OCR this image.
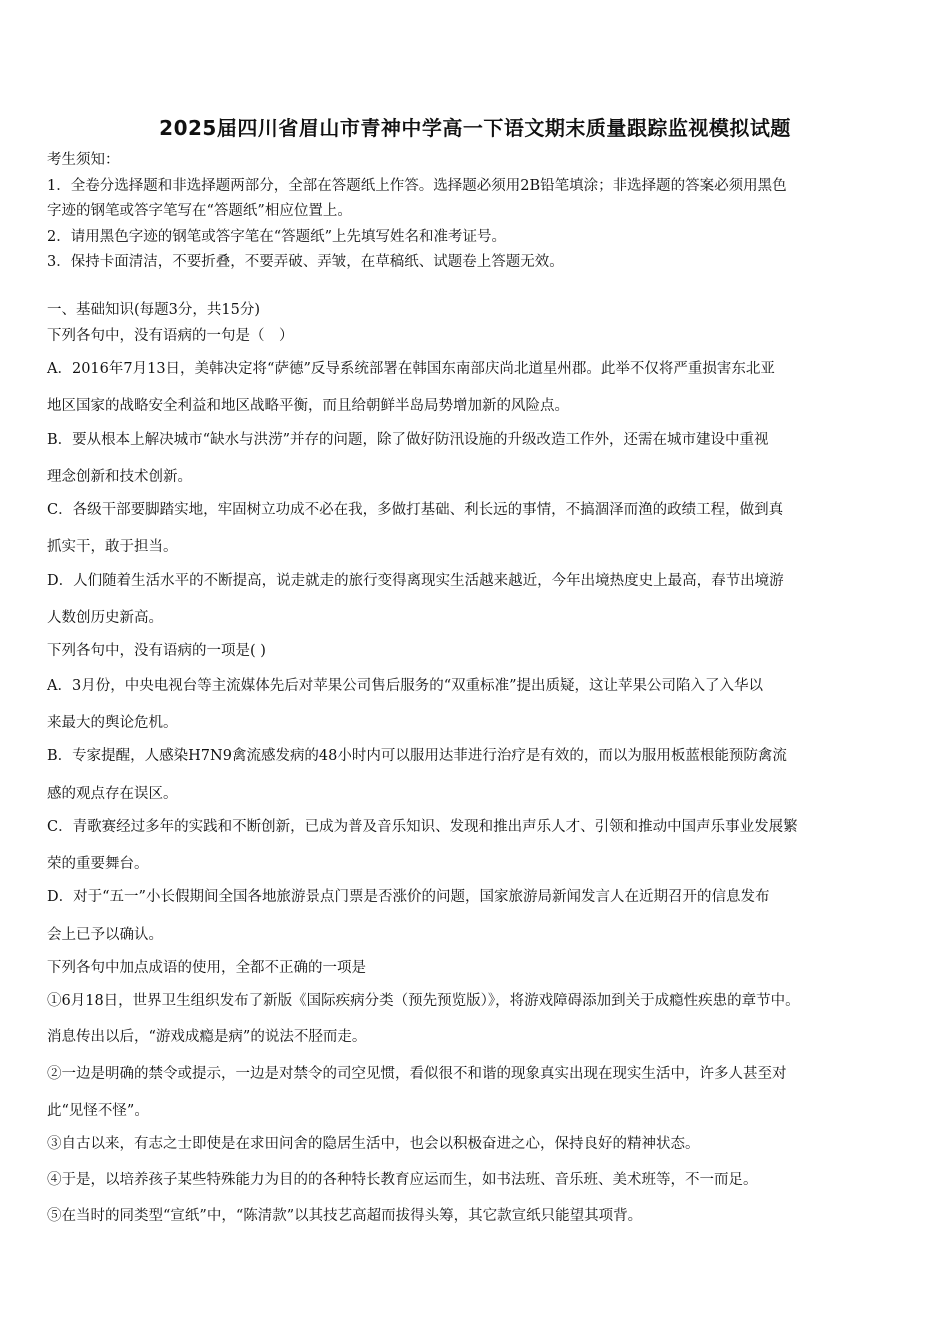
2025届四川省眉山市青神中学高一下语文期末质量跟踪监视模拟试题
考生须知：
1．全卷分选择题和非选择题两部分，全部在答题纸上作答。选择题必须用2B铅笔填涂；非选择题的答案必须用黑色
字迹的钢笔或答字笔写在“答题纸”相应位置上。
2．请用黑色字迹的钢笔或答字笔在“答题纸”上先填写姓名和准考证号。
3．保持卡面清洁，不要折叠，不要弄破、弄皱，在草稿纸、试题卷上答题无效。
一、基础知识(每题3分，共15分)
下列各句中，没有语病的一句是（　）
A．2016年7月13日，美韩决定将“萨德”反导系统部署在韩国东南部庆尚北道星州郡。此举不仅将严重损害东北亚
地区国家的战略安全利益和地区战略平衡，而且给朝鲜半岛局势增加新的风险点。
B．要从根本上解决城市“缺水与洪涝”并存的问题，除了做好防汛设施的升级改造工作外，还需在城市建设中重视
理念创新和技术创新。
C．各级干部要脚踏实地，牢固树立功成不必在我，多做打基础、利长远的事情，不搞涸泽而渔的政绩工程，做到真
抓实干，敢于担当。
D．人们随着生活水平的不断提高，说走就走的旅行变得离现实生活越来越近，今年出境热度史上最高，春节出境游
人数创历史新高。
下列各句中，没有语病的一项是( )
A．3月份，中央电视台等主流媒体先后对苹果公司售后服务的“双重标准”提出质疑，这让苹果公司陷入了入华以
来最大的舆论危机。
B．专家提醒，人感染H7N9禽流感发病的48小时内可以服用达菲进行治疗是有效的，而以为服用板蓝根能预防禽流
感的观点存在误区。
C．青歌赛经过多年的实践和不断创新，已成为普及音乐知识、发现和推出声乐人才、引领和推动中国声乐事业发展繁
荣的重要舞台。
D．对于“五一”小长假期间全国各地旅游景点门票是否涨价的问题，国家旅游局新闻发言人在近期召开的信息发布
会上已予以确认。
下列各句中加点成语的使用，全都不正确的一项是
①6月18日，世界卫生组织发布了新版《国际疾病分类（预先预览版）》，将游戏障碍添加到关于成瘾性疾患的章节中。
消息传出以后，“游戏成瘾是病”的说法不胫而走。
②一边是明确的禁令或提示，一边是对禁令的司空见惯，看似很不和谐的现象真实出现在现实生活中，许多人甚至对
此“见怪不怪”。
③自古以来，有志之士即使是在求田问舍的隐居生活中，也会以积极奋进之心，保持良好的精神状态。
④于是，以培养孩子某些特殊能力为目的的各种特长教育应运而生，如书法班、音乐班、美术班等，不一而足。
⑤在当时的同类型“宣纸”中，“陈清款”以其技艺高超而拔得头筹，其它款宣纸只能望其项背。
